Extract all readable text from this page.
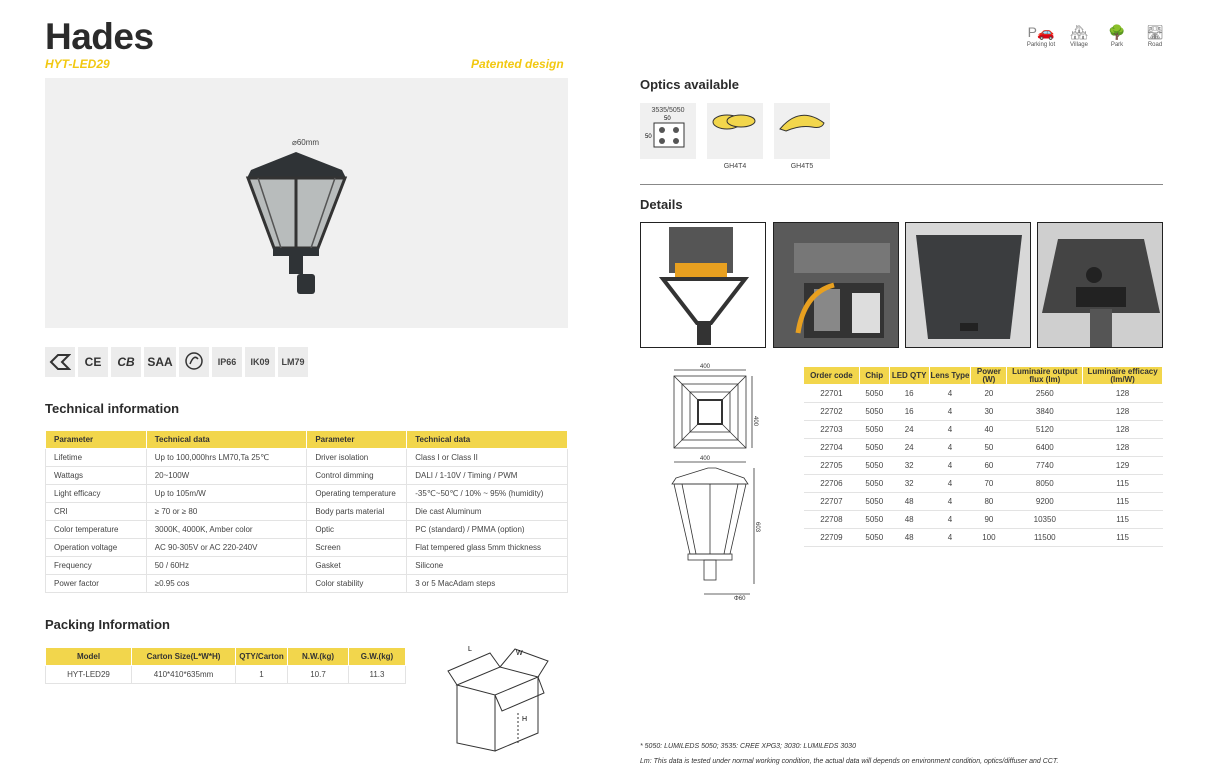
Hades
HYT-LED29	Patented design
⌀60mm
CE	CB	SAA	IP66	IK09	LM79
Technical information
Parameter	Technical data	Parameter	Technical data
Lifetime	Up to 100,000hrs LM70,Ta 25℃	Driver isolation	Class I or Class II
Wattags	20~100W	Control dimming	DALI / 1-10V / Timing / PWM
Light efficacy	Up to 105m/W	Operating temperature	-35℃~50℃ / 10% ~ 95% (humidity)
CRI	≥ 70 or ≥ 80	Body parts material	Die cast Aluminum
Color temperature	3000K, 4000K, Amber color	Optic	PC (standard) / PMMA (option)
Operation voltage	AC 90-305V or AC 220-240V	Screen	Flat tempered glass 5mm thickness
Frequency	50 / 60Hz	Gasket	Silicone
Power factor	≥0.95 cos	Color stability	3 or 5 MacAdam steps
Packing Information
Model	Carton Size(L*W*H)	QTY/Carton	N.W.(kg)	G.W.(kg)
HYT-LED29	410*410*635mm	1	10.7	11.3
L
W
H
P🚗
Parking lot
🏘
Village
🌳
Park
🛣
Road
Optics available
3535/5050
50
50
GH4T4	GH4T5
Details
400
400
400
603
Φ60
Order code	Chip	LED QTY	Lens Type	Power (W)	Luminaire output flux (lm)	Luminaire efficacy (lm/W)
22701	5050	16	4	20	2560	128
22702	5050	16	4	30	3840	128
22703	5050	24	4	40	5120	128
22704	5050	24	4	50	6400	128
22705	5050	32	4	60	7740	129
22706	5050	32	4	70	8050	115
22707	5050	48	4	80	9200	115
22708	5050	48	4	90	10350	115
22709	5050	48	4	100	11500	115
* 5050: LUMILEDS 5050; 3535: CREE XPG3; 3030: LUMILEDS 3030
Lm: This data is tested under normal working condition, the actual data will depends on environment condition, optics/diffuser and CCT.
